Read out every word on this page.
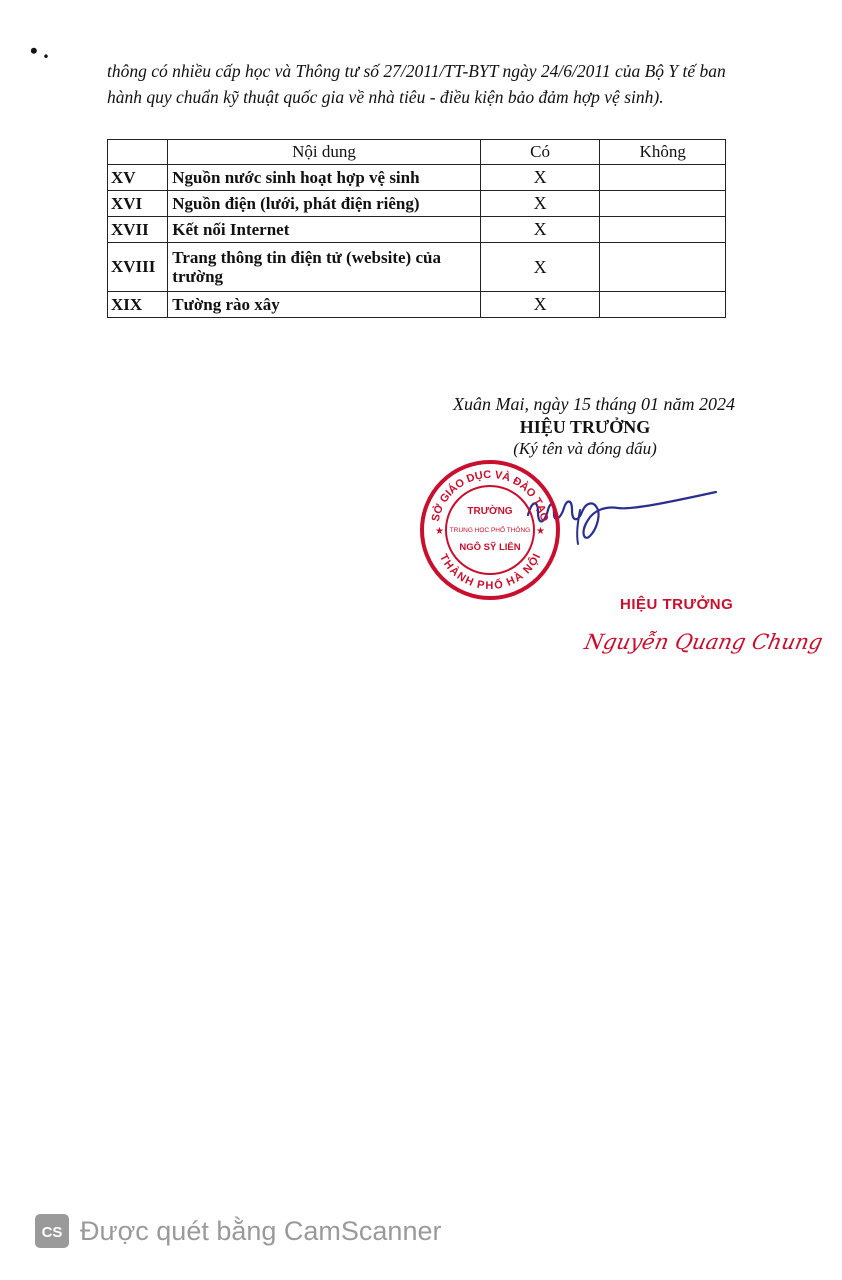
• .
thông có nhiều cấp học và Thông tư số 27/2011/TT-BYT ngày 24/6/2011 của Bộ Y tế ban hành quy chuẩn kỹ thuật quốc gia về nhà tiêu - điều kiện bảo đảm hợp vệ sinh).
	Nội dung	Có	Không
XV	Nguồn nước sinh hoạt hợp vệ sinh	X	
XVI	Nguồn điện (lưới, phát điện riêng)	X	
XVII	Kết nối Internet	X	
XVIII	Trang thông tin điện tử (website) của trường	X	
XIX	Tường rào xây	X	
Xuân Mai, ngày 15 tháng 01 năm 2024
HIỆU TRƯỞNG
(Ký tên và đóng dấu)
SỞ GIÁO DỤC VÀ ĐÀO TẠO
THÀNH PHỐ HÀ NỘI
★	★
TRƯỜNG
TRUNG HỌC PHỔ THÔNG
NGÔ SỸ LIÊN
HIỆU TRƯỞNG
Nguyễn Quang Chung
CS Được quét bằng CamScanner
